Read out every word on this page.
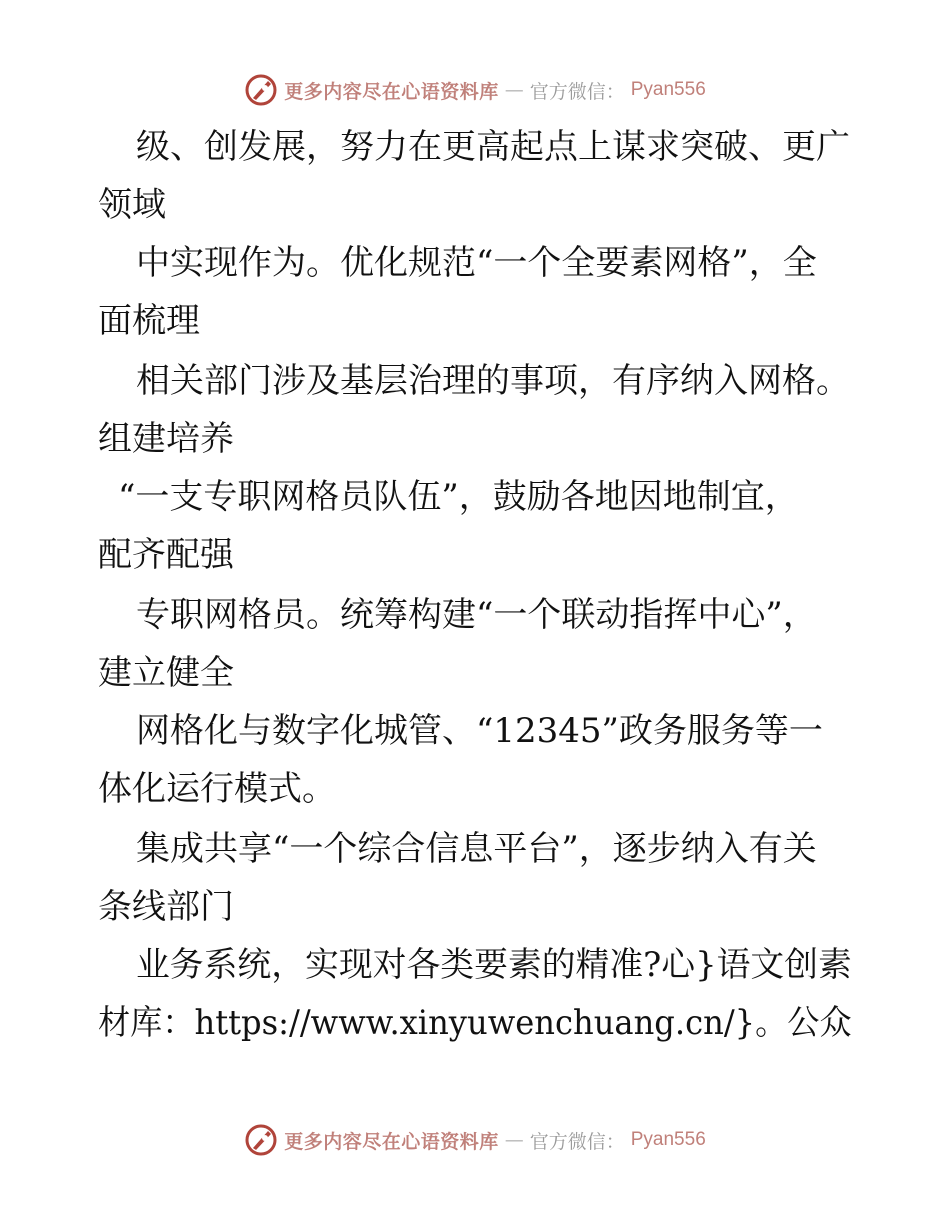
更多内容尽在心语资料库 — 官方微信： Pyan556
级、创发展，努力在更高起点上谋求突破、更广
领域
中实现作为。优化规范“一个全要素网格”，全
面梳理
相关部门涉及基层治理的事项，有序纳入网格。
组建培养
“一支专职网格员队伍”，鼓励各地因地制宜，
配齐配强
专职网格员。统筹构建“一个联动指挥中心”，
建立健全
网格化与数字化城管、“12345”政务服务等一
体化运行模式。
集成共享“一个综合信息平台”，逐步纳入有关
条线部门
业务系统，实现对各类要素的精准?心}语文创素
材库：https://www.xinyuwenchuang.cn/}。公众
更多内容尽在心语资料库 — 官方微信： Pyan556
